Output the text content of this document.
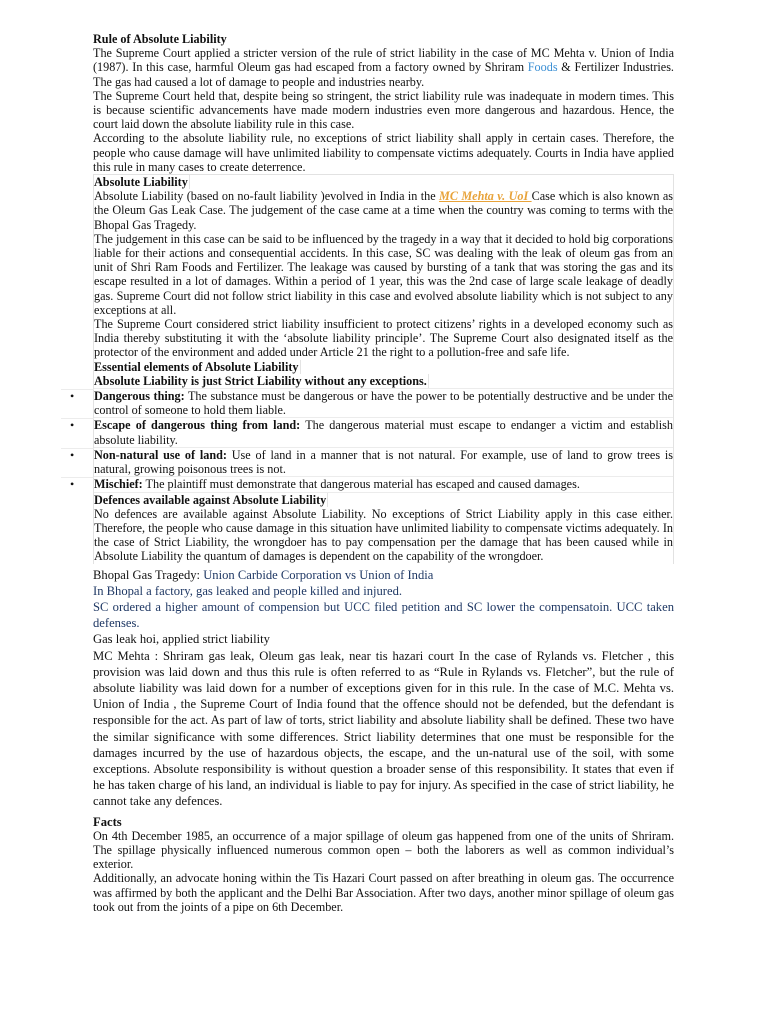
Rule of Absolute Liability

The Supreme Court applied a stricter version of the rule of strict liability in the case of MC Mehta v. Union of India (1987). In this case, harmful Oleum gas had escaped from a factory owned by Shriram Foods & Fertilizer Industries. The gas had caused a lot of damage to people and industries nearby.

The Supreme Court held that, despite being so stringent, the strict liability rule was inadequate in modern times. This is because scientific advancements have made modern industries even more dangerous and hazardous. Hence, the court laid down the absolute liability rule in this case.

According to the absolute liability rule, no exceptions of strict liability shall apply in certain cases. Therefore, the people who cause damage will have unlimited liability to compensate victims adequately. Courts in India have applied this rule in many cases to create deterrence.

Absolute Liability

Absolute Liability (based on no-fault liability )evolved in India in the MC Mehta v. UoI Case which is also known as the Oleum Gas Leak Case. The judgement of the case came at a time when the country was coming to terms with the Bhopal Gas Tragedy.

The judgement in this case can be said to be influenced by the tragedy in a way that it decided to hold big corporations liable for their actions and consequential accidents. In this case, SC was dealing with the leak of oleum gas from an unit of Shri Ram Foods and Fertilizer. The leakage was caused by bursting of a tank that was storing the gas and its escape resulted in a lot of damages. Within a period of 1 year, this was the 2nd case of large scale leakage of deadly gas. Supreme Court did not follow strict liability in this case and evolved absolute liability which is not subject to any exceptions at all.

The Supreme Court considered strict liability insufficient to protect citizens’ rights in a developed economy such as India thereby substituting it with the ‘absolute liability principle’. The Supreme Court also designated itself as the protector of the environment and added under Article 21 the right to a pollution-free and safe life.

Essential elements of Absolute Liability

Absolute Liability is just Strict Liability without any exceptions.

• Dangerous thing: The substance must be dangerous or have the power to be potentially destructive and be under the control of someone to hold them liable.
• Escape of dangerous thing from land: The dangerous material must escape to endanger a victim and establish absolute liability.
• Non-natural use of land: Use of land in a manner that is not natural. For example, use of land to grow trees is natural, growing poisonous trees is not.
• Mischief: The plaintiff must demonstrate that dangerous material has escaped and caused damages.

Defences available against Absolute Liability

No defences are available against Absolute Liability. No exceptions of Strict Liability apply in this case either. Therefore, the people who cause damage in this situation have unlimited liability to compensate victims adequately. In the case of Strict Liability, the wrongdoer has to pay compensation per the damage that has been caused while in Absolute Liability the quantum of damages is dependent on the capability of the wrongdoer.

Bhopal Gas Tragedy: Union Carbide Corporation vs Union of India

In Bhopal a factory, gas leaked and people killed and injured.

SC ordered a higher amount of compension but UCC filed petition and SC lower the compensatoin. UCC taken defenses.

Gas leak hoi, applied strict liability

MC Mehta : Shriram gas leak, Oleum gas leak, near tis hazari court In the case of Rylands vs. Fletcher , this provision was laid down and thus this rule is often referred to as “Rule in Rylands vs. Fletcher”, but the rule of absolute liability was laid down for a number of exceptions given for in this rule. In the case of M.C. Mehta vs. Union of India , the Supreme Court of India found that the offence should not be defended, but the defendant is responsible for the act. As part of law of torts, strict liability and absolute liability shall be defined. These two have the similar significance with some differences. Strict liability determines that one must be responsible for the damages incurred by the use of hazardous objects, the escape, and the un-natural use of the soil, with some exceptions. Absolute responsibility is without question a broader sense of this responsibility. It states that even if he has taken charge of his land, an individual is liable to pay for injury. As specified in the case of strict liability, he cannot take any defences.

Facts

On 4th December 1985, an occurrence of a major spillage of oleum gas happened from one of the units of Shriram. The spillage physically influenced numerous common open – both the laborers as well as common individual’s exterior.

Additionally, an advocate honing within the Tis Hazari Court passed on after breathing in oleum gas. The occurrence was affirmed by both the applicant and the Delhi Bar Association. After two days, another minor spillage of oleum gas took out from the joints of a pipe on 6th December.
